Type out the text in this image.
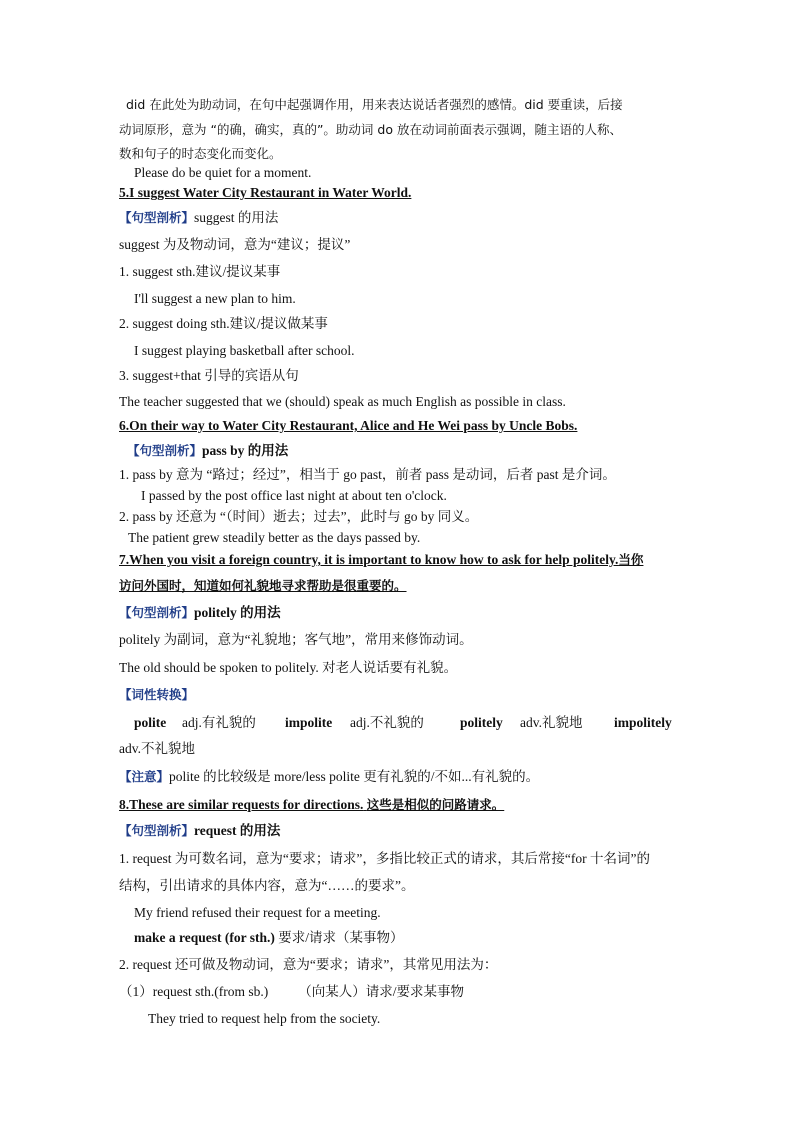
did 在此处为助动词，在句中起强调作用，用来表达说话者强烈的感情。did 要重读，后接
动词原形，意为 “的确，确实，真的”。助动词 do 放在动词前面表示强调，随主语的人称、
数和句子的时态变化而变化。
Please do be quiet for a moment.
5.I suggest Water City Restaurant in Water World.
【句型剖析】suggest 的用法
suggest 为及物动词，意为“建议；提议”
1. suggest sth.建议/提议某事
I'll suggest a new plan to him.
2. suggest doing sth.建议/提议做某事
I suggest playing basketball after school.
3. suggest+that 引导的宾语从句
The teacher suggested that we (should) speak as much English as possible in class.
6.On their way to Water City Restaurant, Alice and He Wei pass by Uncle Bobs.
【句型剖析】pass by 的用法
1. pass by 意为 “路过；经过”，相当于 go past，前者 pass 是动词，后者 past 是介词。
I passed by the post office last night at about ten o'clock.
2. pass by 还意为 “（时间）逝去；过去”，此时与 go by 同义。
The patient grew steadily better as the days passed by.
7.When you visit a foreign country, it is important to know how to ask for help politely.当你
访问外国时，知道如何礼貌地寻求帮助是很重要的。
【句型剖析】politely 的用法
politely 为副词，意为“礼貌地；客气地”，常用来修饰动词。
The old should be spoken to politely. 对老人说话要有礼貌。
【词性转换】
polite adj.有礼貌的 impolite adj.不礼貌的	politely adv.礼貌地 impolitely
adv.不礼貌地
【注意】polite 的比较级是 more/less polite 更有礼貌的/不如...有礼貌的。
8.These are similar requests for directions. 这些是相似的问路请求。
【句型剖析】request 的用法
1. request 为可数名词，意为“要求；请求”，多指比较正式的请求，其后常接“for 十名词”的
结构，引出请求的具体内容，意为“……的要求”。
My friend refused their request for a meeting.
make a request (for sth.) 要求/请求（某事物）
2. request 还可做及物动词，意为“要求；请求”，其常见用法为：
（1）request sth.(from sb.) （向某人）请求/要求某事物
They tried to request help from the society.
